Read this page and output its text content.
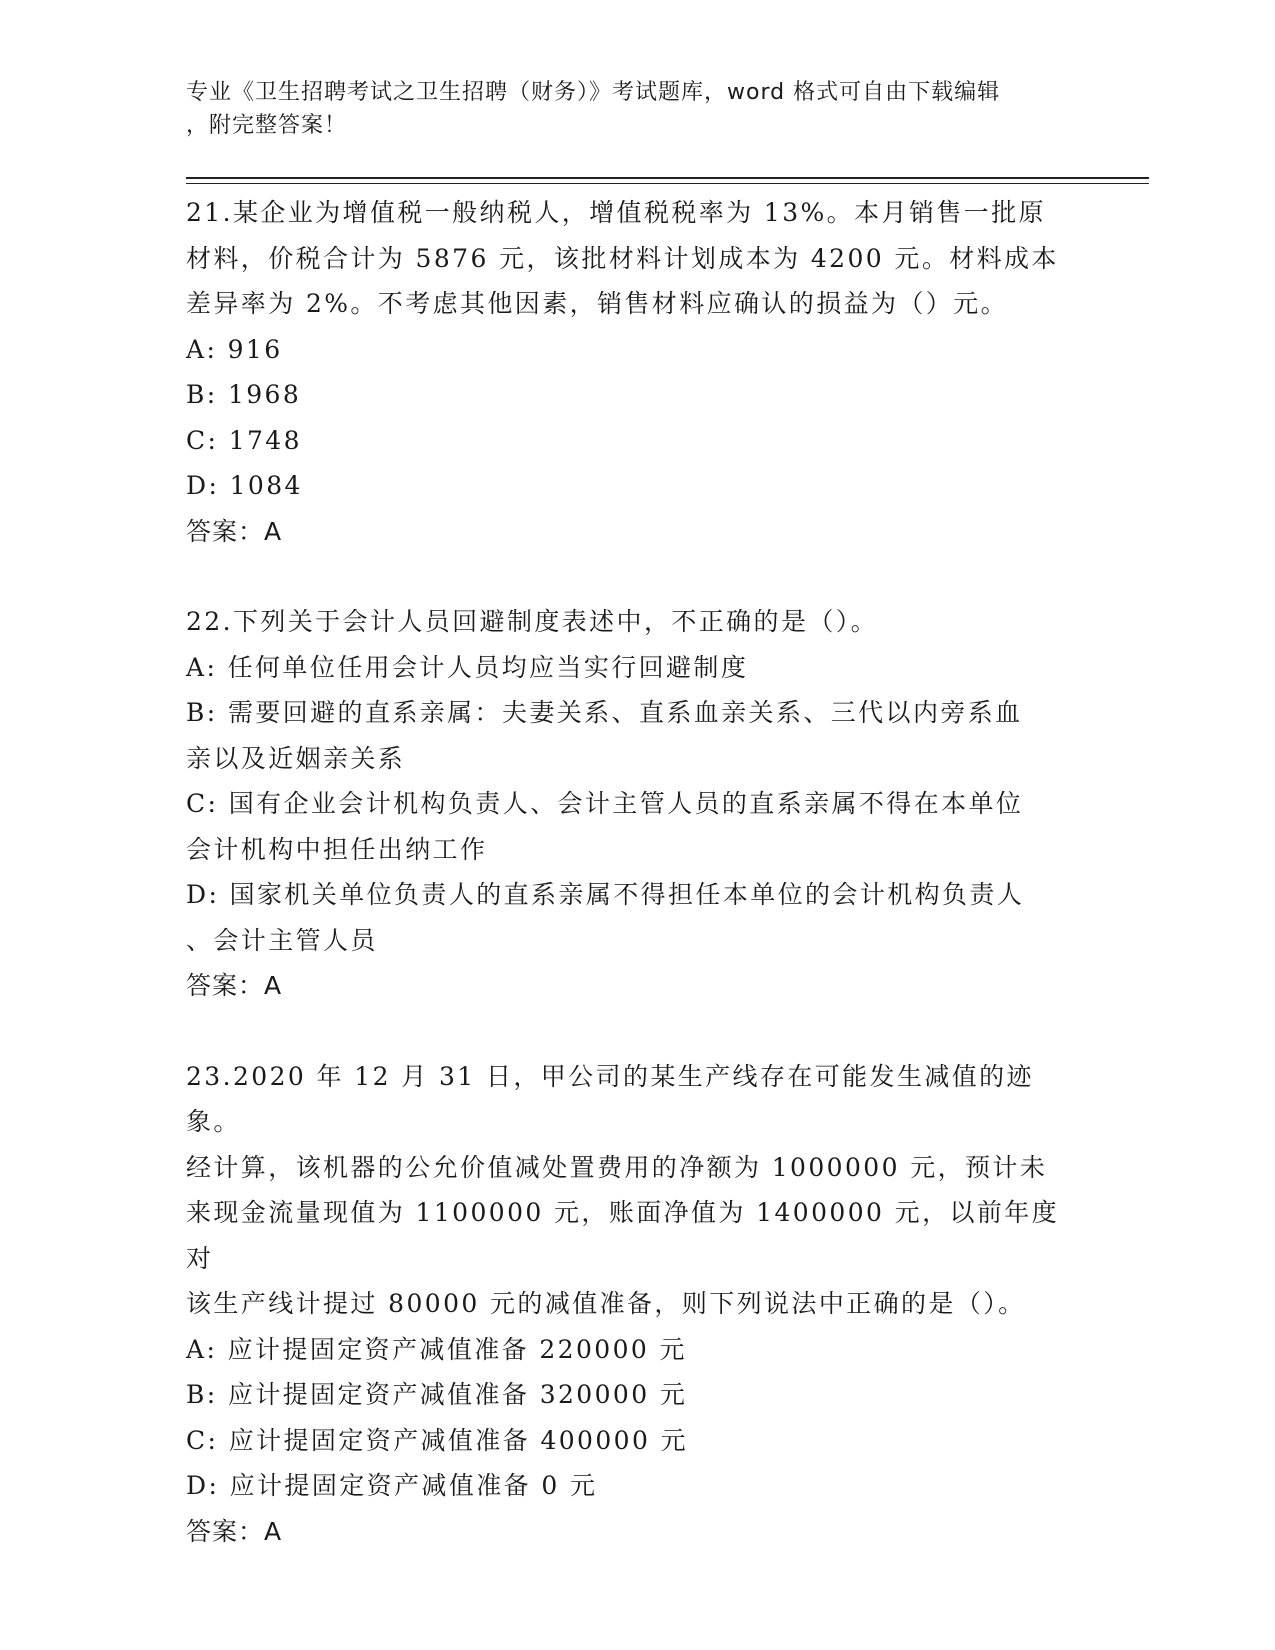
专业《卫生招聘考试之卫生招聘（财务）》考试题库，word 格式可自由下载编辑
，附完整答案！
21.某企业为增值税一般纳税人，增值税税率为 13%。本月销售一批原
材料，价税合计为 5876 元，该批材料计划成本为 4200 元。材料成本
差异率为 2%。不考虑其他因素，销售材料应确认的损益为（）元。
A: 916
B: 1968
C: 1748
D: 1084
答案：A
22.下列关于会计人员回避制度表述中，不正确的是（）。
A: 任何单位任用会计人员均应当实行回避制度
B: 需要回避的直系亲属：夫妻关系、直系血亲关系、三代以内旁系血
亲以及近姻亲关系
C: 国有企业会计机构负责人、会计主管人员的直系亲属不得在本单位
会计机构中担任出纳工作
D: 国家机关单位负责人的直系亲属不得担任本单位的会计机构负责人
、会计主管人员
答案：A
23.2020 年 12 月 31 日，甲公司的某生产线存在可能发生减值的迹象。
经计算，该机器的公允价值减处置费用的净额为 1000000 元，预计未
来现金流量现值为 1100000 元，账面净值为 1400000 元，以前年度对
该生产线计提过 80000 元的减值准备，则下列说法中正确的是（）。
A: 应计提固定资产减值准备 220000 元
B: 应计提固定资产减值准备 320000 元
C: 应计提固定资产减值准备 400000 元
D: 应计提固定资产减值准备 0 元
答案：A
